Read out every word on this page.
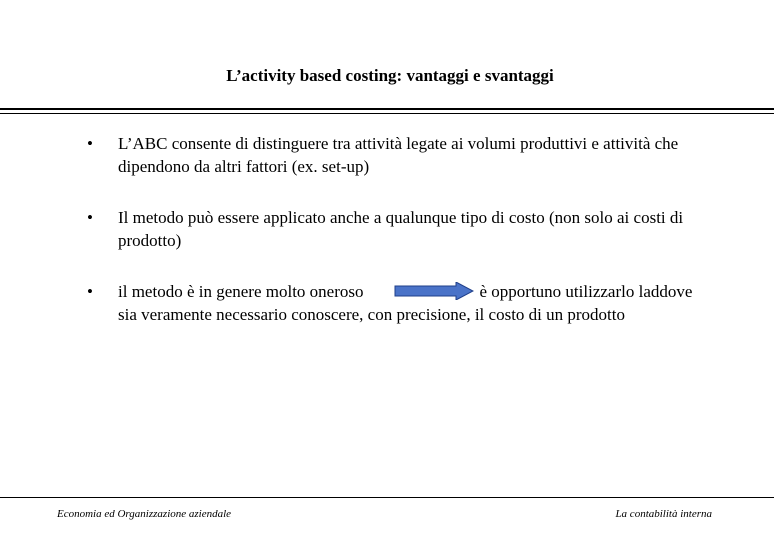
L’activity based costing: vantaggi e svantaggi
• L’ABC consente di distinguere tra attività legate ai volumi produttivi e attività che dipendono da altri fattori (ex. set-up)
• Il metodo può essere applicato anche a qualunque tipo di costo (non solo ai costi di prodotto)
• il metodo è in genere molto oneroso	è opportuno utilizzarlo laddove sia veramente necessario conoscere, con precisione, il costo di un prodotto
Economia ed Organizzazione aziendale	La contabilità interna
